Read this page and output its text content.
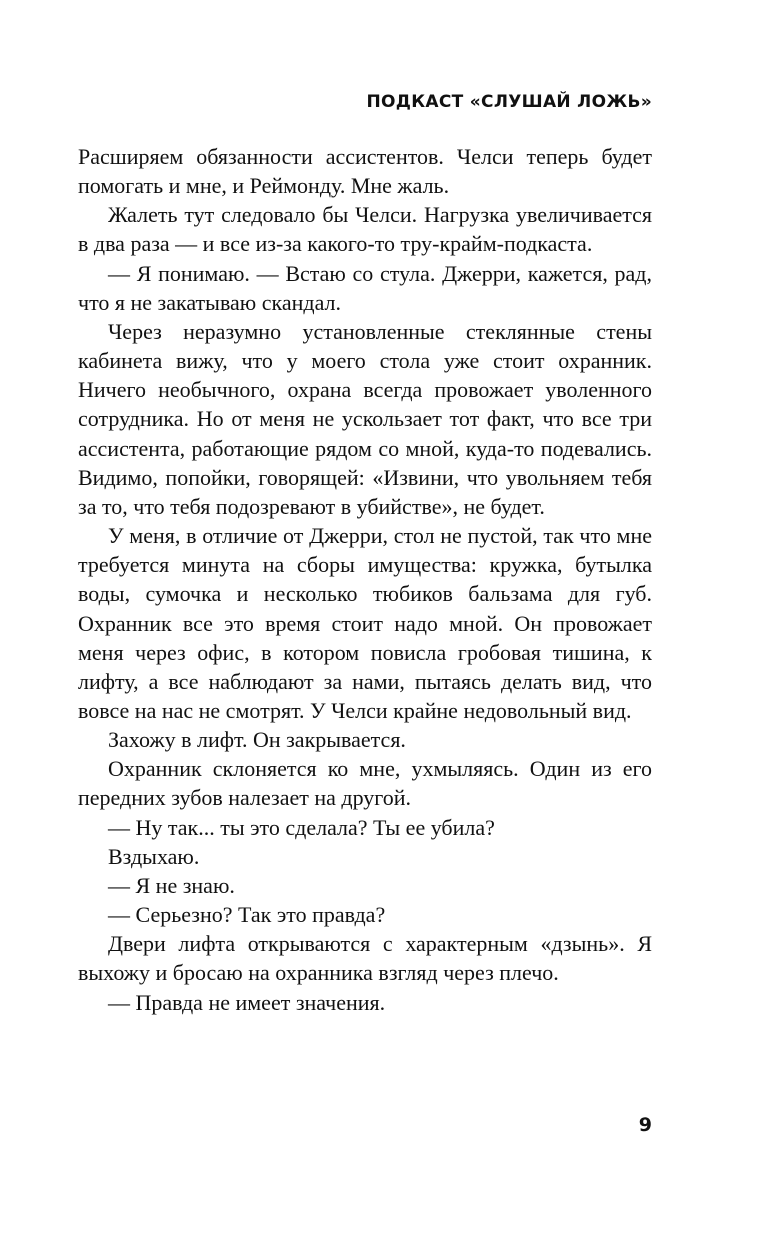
ПОДКАСТ «СЛУШАЙ ЛОЖЬ»

Расширяем обязанности ассистентов. Челси теперь будет помогать и мне, и Реймонду. Мне жаль.

Жалеть тут следовало бы Челси. Нагрузка увеличивается в два раза — и все из-за какого-то тру-крайм-подкаста.

— Я понимаю. — Встаю со стула. Джерри, кажется, рад, что я не закатываю скандал.

Через неразумно установленные стеклянные стены кабинета вижу, что у моего стола уже стоит охранник. Ничего необычного, охрана всегда провожает уволенного сотрудника. Но от меня не ускользает тот факт, что все три ассистента, работающие рядом со мной, куда-то подевались. Видимо, попойки, говорящей: «Извини, что увольняем тебя за то, что тебя подозревают в убийстве», не будет.

У меня, в отличие от Джерри, стол не пустой, так что мне требуется минута на сборы имущества: кружка, бутылка воды, сумочка и несколько тюбиков бальзама для губ. Охранник все это время стоит надо мной. Он провожает меня через офис, в котором повисла гробовая тишина, к лифту, а все наблюдают за нами, пытаясь делать вид, что вовсе на нас не смотрят. У Челси крайне недовольный вид.

Захожу в лифт. Он закрывается.

Охранник склоняется ко мне, ухмыляясь. Один из его передних зубов налезает на другой.

— Ну так... ты это сделала? Ты ее убила?

Вздыхаю.

— Я не знаю.

— Серьезно? Так это правда?

Двери лифта открываются с характерным «дзынь». Я выхожу и бросаю на охранника взгляд через плечо.

— Правда не имеет значения.

9
